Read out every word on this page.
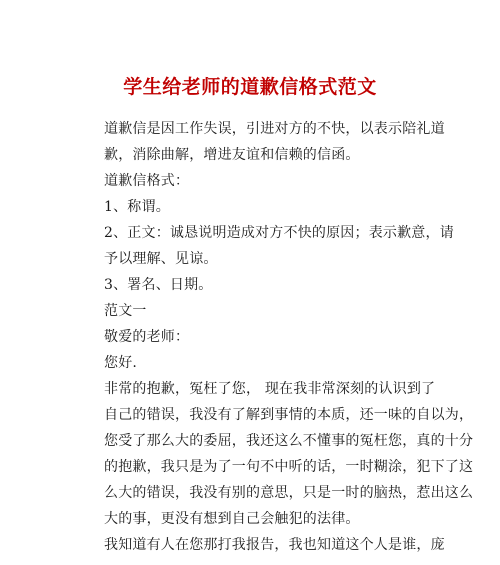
学生给老师的道歉信格式范文
道歉信是因工作失误，引进对方的不快，以表示陪礼道
歉，消除曲解，增进友谊和信赖的信函。
道歉信格式：
1、称谓。
2、正文：诚恳说明造成对方不快的原因；表示歉意，请
予以理解、见谅。
3、署名、日期。
范文一
敬爱的老师：
您好.
非常的抱歉，冤枉了您， 现在我非常深刻的认识到了
自己的错误，我没有了解到事情的本质，还一味的自以为，
您受了那么大的委屈，我还这么不懂事的冤枉您，真的十分
的抱歉，我只是为了一句不中听的话，一时糊涂，犯下了这
么大的错误，我没有别的意思，只是一时的脑热，惹出这么
大的事，更没有想到自己会触犯的法律。
我知道有人在您那打我报告，我也知道这个人是谁，庞
